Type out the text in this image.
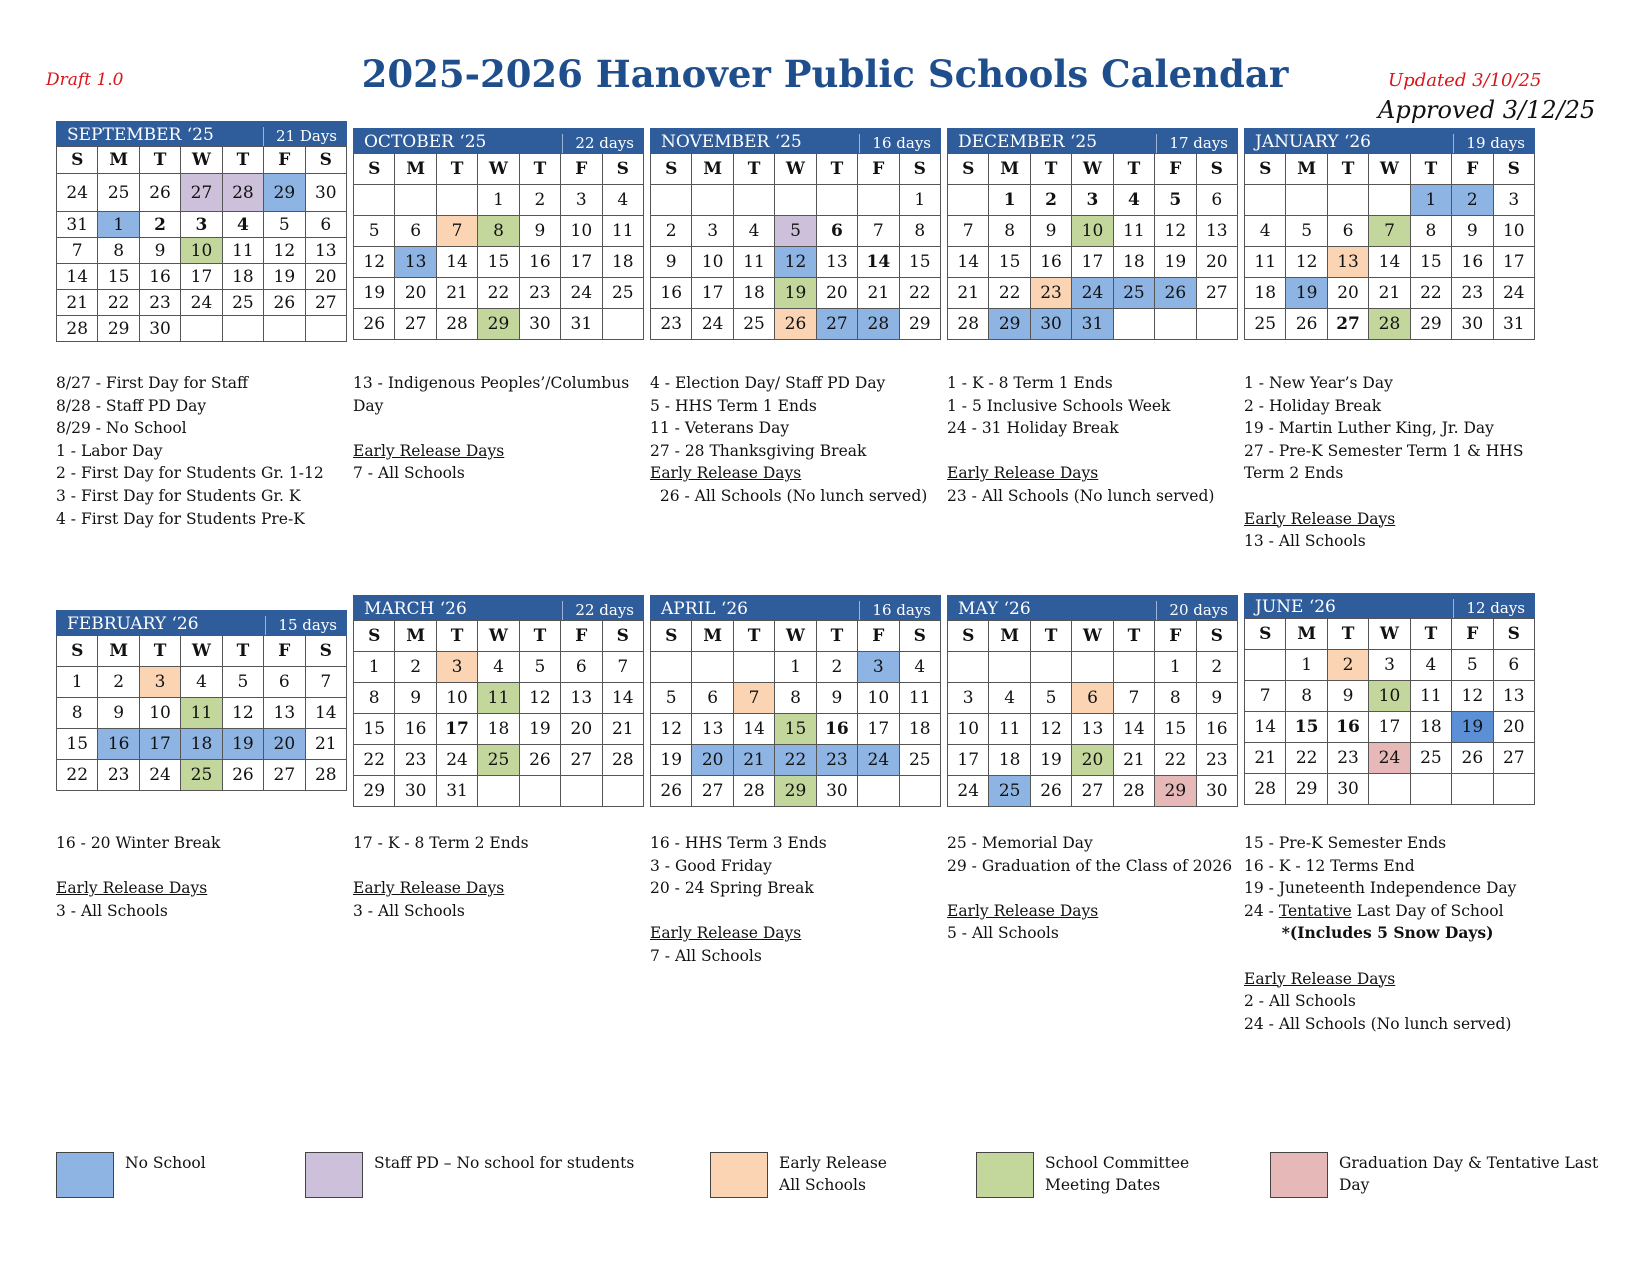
Draft 1.0	2025-2026 Hanover Public Schools Calendar	Updated 3/10/25
Approved 3/12/25
SEPTEMBER ‘25	21 Days
S	M	T	W	T	F	S
24	25	26	27	28	29	30
31	1	2	3	4	5	6
7	8	9	10	11	12	13
14	15	16	17	18	19	20
21	22	23	24	25	26	27
28	29	30				
8/27 - First Day for Staff
8/28 - Staff PD Day
8/29 - No School
1 - Labor Day
2 - First Day for Students Gr. 1-12
3 - First Day for Students Gr. K
4 - First Day for Students Pre-K
OCTOBER ‘25	22 days
S	M	T	W	T	F	S
			1	2	3	4
5	6	7	8	9	10	11
12	13	14	15	16	17	18
19	20	21	22	23	24	25
26	27	28	29	30	31	
13 - Indigenous Peoples’/Columbus
Day
Early Release Days
7 - All Schools
NOVEMBER ‘25	16 days
S	M	T	W	T	F	S
						1
2	3	4	5	6	7	8
9	10	11	12	13	14	15
16	17	18	19	20	21	22
23	24	25	26	27	28	29
4 - Election Day/ Staff PD Day
5 - HHS Term 1 Ends
11 - Veterans Day
27 - 28 Thanksgiving Break
Early Release Days
26 - All Schools (No lunch served)
DECEMBER ‘25	17 days
S	M	T	W	T	F	S
	1	2	3	4	5	6
7	8	9	10	11	12	13
14	15	16	17	18	19	20
21	22	23	24	25	26	27
28	29	30	31			
1 - K - 8 Term 1 Ends
1 - 5 Inclusive Schools Week
24 - 31 Holiday Break
Early Release Days
23 - All Schools (No lunch served)
JANUARY ‘26	19 days
S	M	T	W	T	F	S
				1	2	3
4	5	6	7	8	9	10
11	12	13	14	15	16	17
18	19	20	21	22	23	24
25	26	27	28	29	30	31
1 - New Year’s Day
2 - Holiday Break
19 - Martin Luther King, Jr. Day
27 - Pre-K Semester Term 1 & HHS
Term 2 Ends
Early Release Days
13 - All Schools
FEBRUARY ‘26	15 days
S	M	T	W	T	F	S
1	2	3	4	5	6	7
8	9	10	11	12	13	14
15	16	17	18	19	20	21
22	23	24	25	26	27	28
16 - 20 Winter Break
Early Release Days
3 - All Schools
MARCH ‘26	22 days
S	M	T	W	T	F	S
1	2	3	4	5	6	7
8	9	10	11	12	13	14
15	16	17	18	19	20	21
22	23	24	25	26	27	28
29	30	31				
17 - K - 8 Term 2 Ends
Early Release Days
3 - All Schools
APRIL ‘26	16 days
S	M	T	W	T	F	S
			1	2	3	4
5	6	7	8	9	10	11
12	13	14	15	16	17	18
19	20	21	22	23	24	25
26	27	28	29	30		
16 - HHS Term 3 Ends
3 - Good Friday
20 - 24 Spring Break
Early Release Days
7 - All Schools
MAY ‘26	20 days
S	M	T	W	T	F	S
					1	2
3	4	5	6	7	8	9
10	11	12	13	14	15	16
17	18	19	20	21	22	23
24	25	26	27	28	29	30
25 - Memorial Day
29 - Graduation of the Class of 2026
Early Release Days
5 - All Schools
JUNE ‘26	12 days
S	M	T	W	T	F	S
	1	2	3	4	5	6
7	8	9	10	11	12	13
14	15	16	17	18	19	20
21	22	23	24	25	26	27
28	29	30				
15 - Pre-K Semester Ends
16 - K - 12 Terms End
19 - Juneteenth Independence Day
24 - Tentative Last Day of School
*(Includes 5 Snow Days)
Early Release Days
2 - All Schools
24 - All Schools (No lunch served)
No School	Staff PD – No school for students	Early Release
All Schools
School Committee
Meeting Dates
Graduation Day & Tentative Last
Day
